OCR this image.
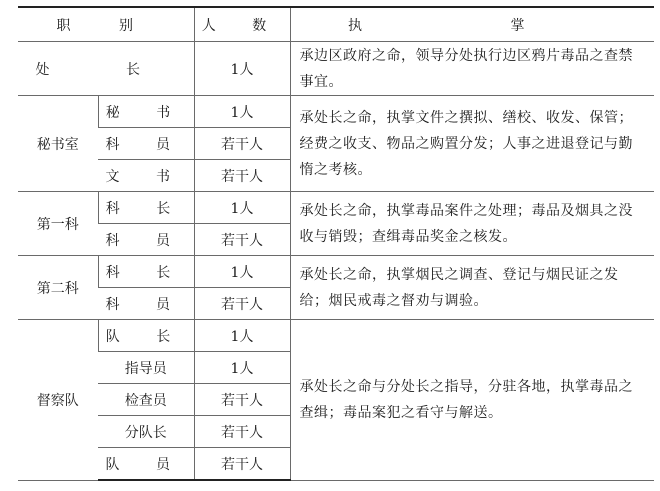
职 别		人 数	执 掌
处 长		1人	承边区政府之命，领导分处执行边区鸦片毒品之查禁事宜。
秘书室	秘 书	1人	承处长之命，执掌文件之撰拟、缮校、收发、保管；经费之收支、物品之购置分发；人事之进退登记与勤惰之考核。
	科 员	若干人	
	文 书	若干人	
第一科	科 长	1人	承处长之命，执掌毒品案件之处理；毒品及烟具之没收与销毁；查缉毒品奖金之核发。
	科 员	若干人	
第二科	科 长	1人	承处长之命，执掌烟民之调查、登记与烟民证之发给；烟民戒毒之督劝与调验。
	科 员	若干人	
督察队	队 长	1人	承处长之命与分处长之指导，分驻各地，执掌毒品之查缉；毒品案犯之看守与解送。
	指导员	1人	
	检查员	若干人	
	分队长	若干人	
	队 员	若干人	
